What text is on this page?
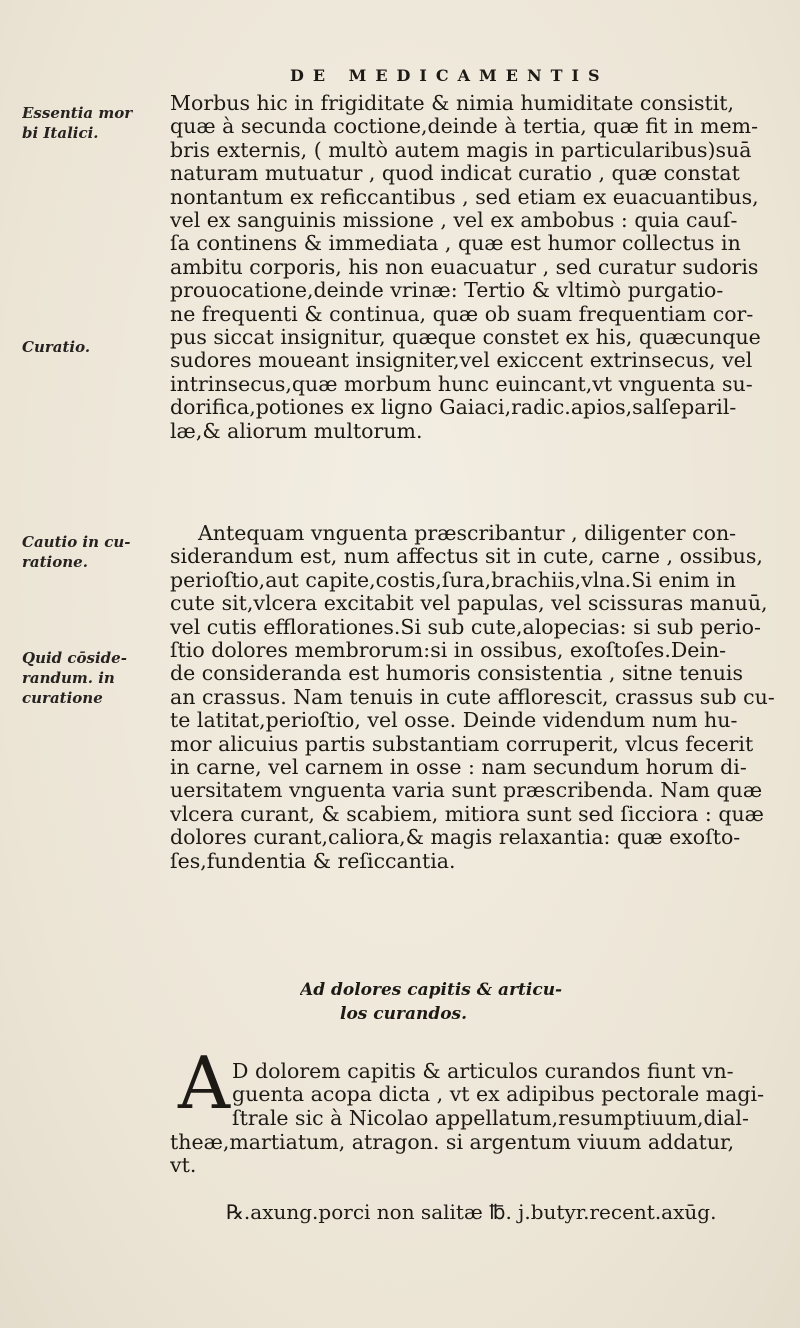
DE MEDICAMENTIS
Essentia mor
bi Italici.
Curatio.
Cautio in cu-
ratione.
Quid cōside-
randum. in
curatione
Morbus hic in frigiditate & nimia humiditate consistit,
quæ à secunda coctione,deinde à tertia, quæ fit in mem-
bris externis, ( multò autem magis in particularibus)suā
naturam mutuatur , quod indicat curatio , quæ constat
nontantum ex reficcantibus , sed etiam ex euacuantibus,
vel ex sanguinis missione , vel ex ambobus : quia cauſ-
ſa continens & immediata , quæ est humor collectus in
ambitu corporis, his non euacuatur , sed curatur sudoris
prouocatione,deinde vrinæ: Tertio & vltimò purgatio-
ne frequenti & continua, quæ ob suam frequentiam cor-
pus siccat insignitur, quæque constet ex his, quæcunque
sudores moueant insigniter,vel exiccent extrinsecus, vel
intrinsecus,quæ morbum hunc euincant,vt vnguenta su-
dorifica,potiones ex ligno Gaiaci,radic.apios,salſeparil-
læ,& aliorum multorum.
Antequam vnguenta præscribantur , diligenter con-
siderandum est, num affectus sit in cute, carne , ossibus,
perioſtio,aut capite,costis,ſura,brachiis,vlna.Si enim in
cute sit,vlcera excitabit vel papulas, vel scissuras manuū,
vel cutis efflorationes.Si sub cute,alopecias: si sub perio-
ſtio dolores membrorum:si in ossibus, exoſtoſes.Dein-
de consideranda est humoris consistentia , sitne tenuis
an crassus. Nam tenuis in cute afflorescit, crassus sub cu-
te latitat,perioſtio, vel osse. Deinde videndum num hu-
mor alicuius partis substantiam corruperit, vlcus fecerit
in carne, vel carnem in osse : nam secundum horum di-
uersitatem vnguenta varia sunt præscribenda. Nam quæ
vlcera curant, & scabiem, mitiora sunt sed ſicciora : quæ
dolores curant,caliora,& magis relaxantia: quæ exoſto-
ſes,fundentia & reſiccantia.
Ad dolores capitis & articu-
los curandos.
A D dolorem capitis & articulos curandos fiunt vn-
guenta acopa dicta , vt ex adipibus pectorale magi-
ſtrale sic à Nicolao appellatum,resumptiuum,dial-
theæ,martiatum, atragon. si argentum viuum addatur,
vt.
℞.axung.porci non salitæ ℔. j.butyr.recent.axūg.
